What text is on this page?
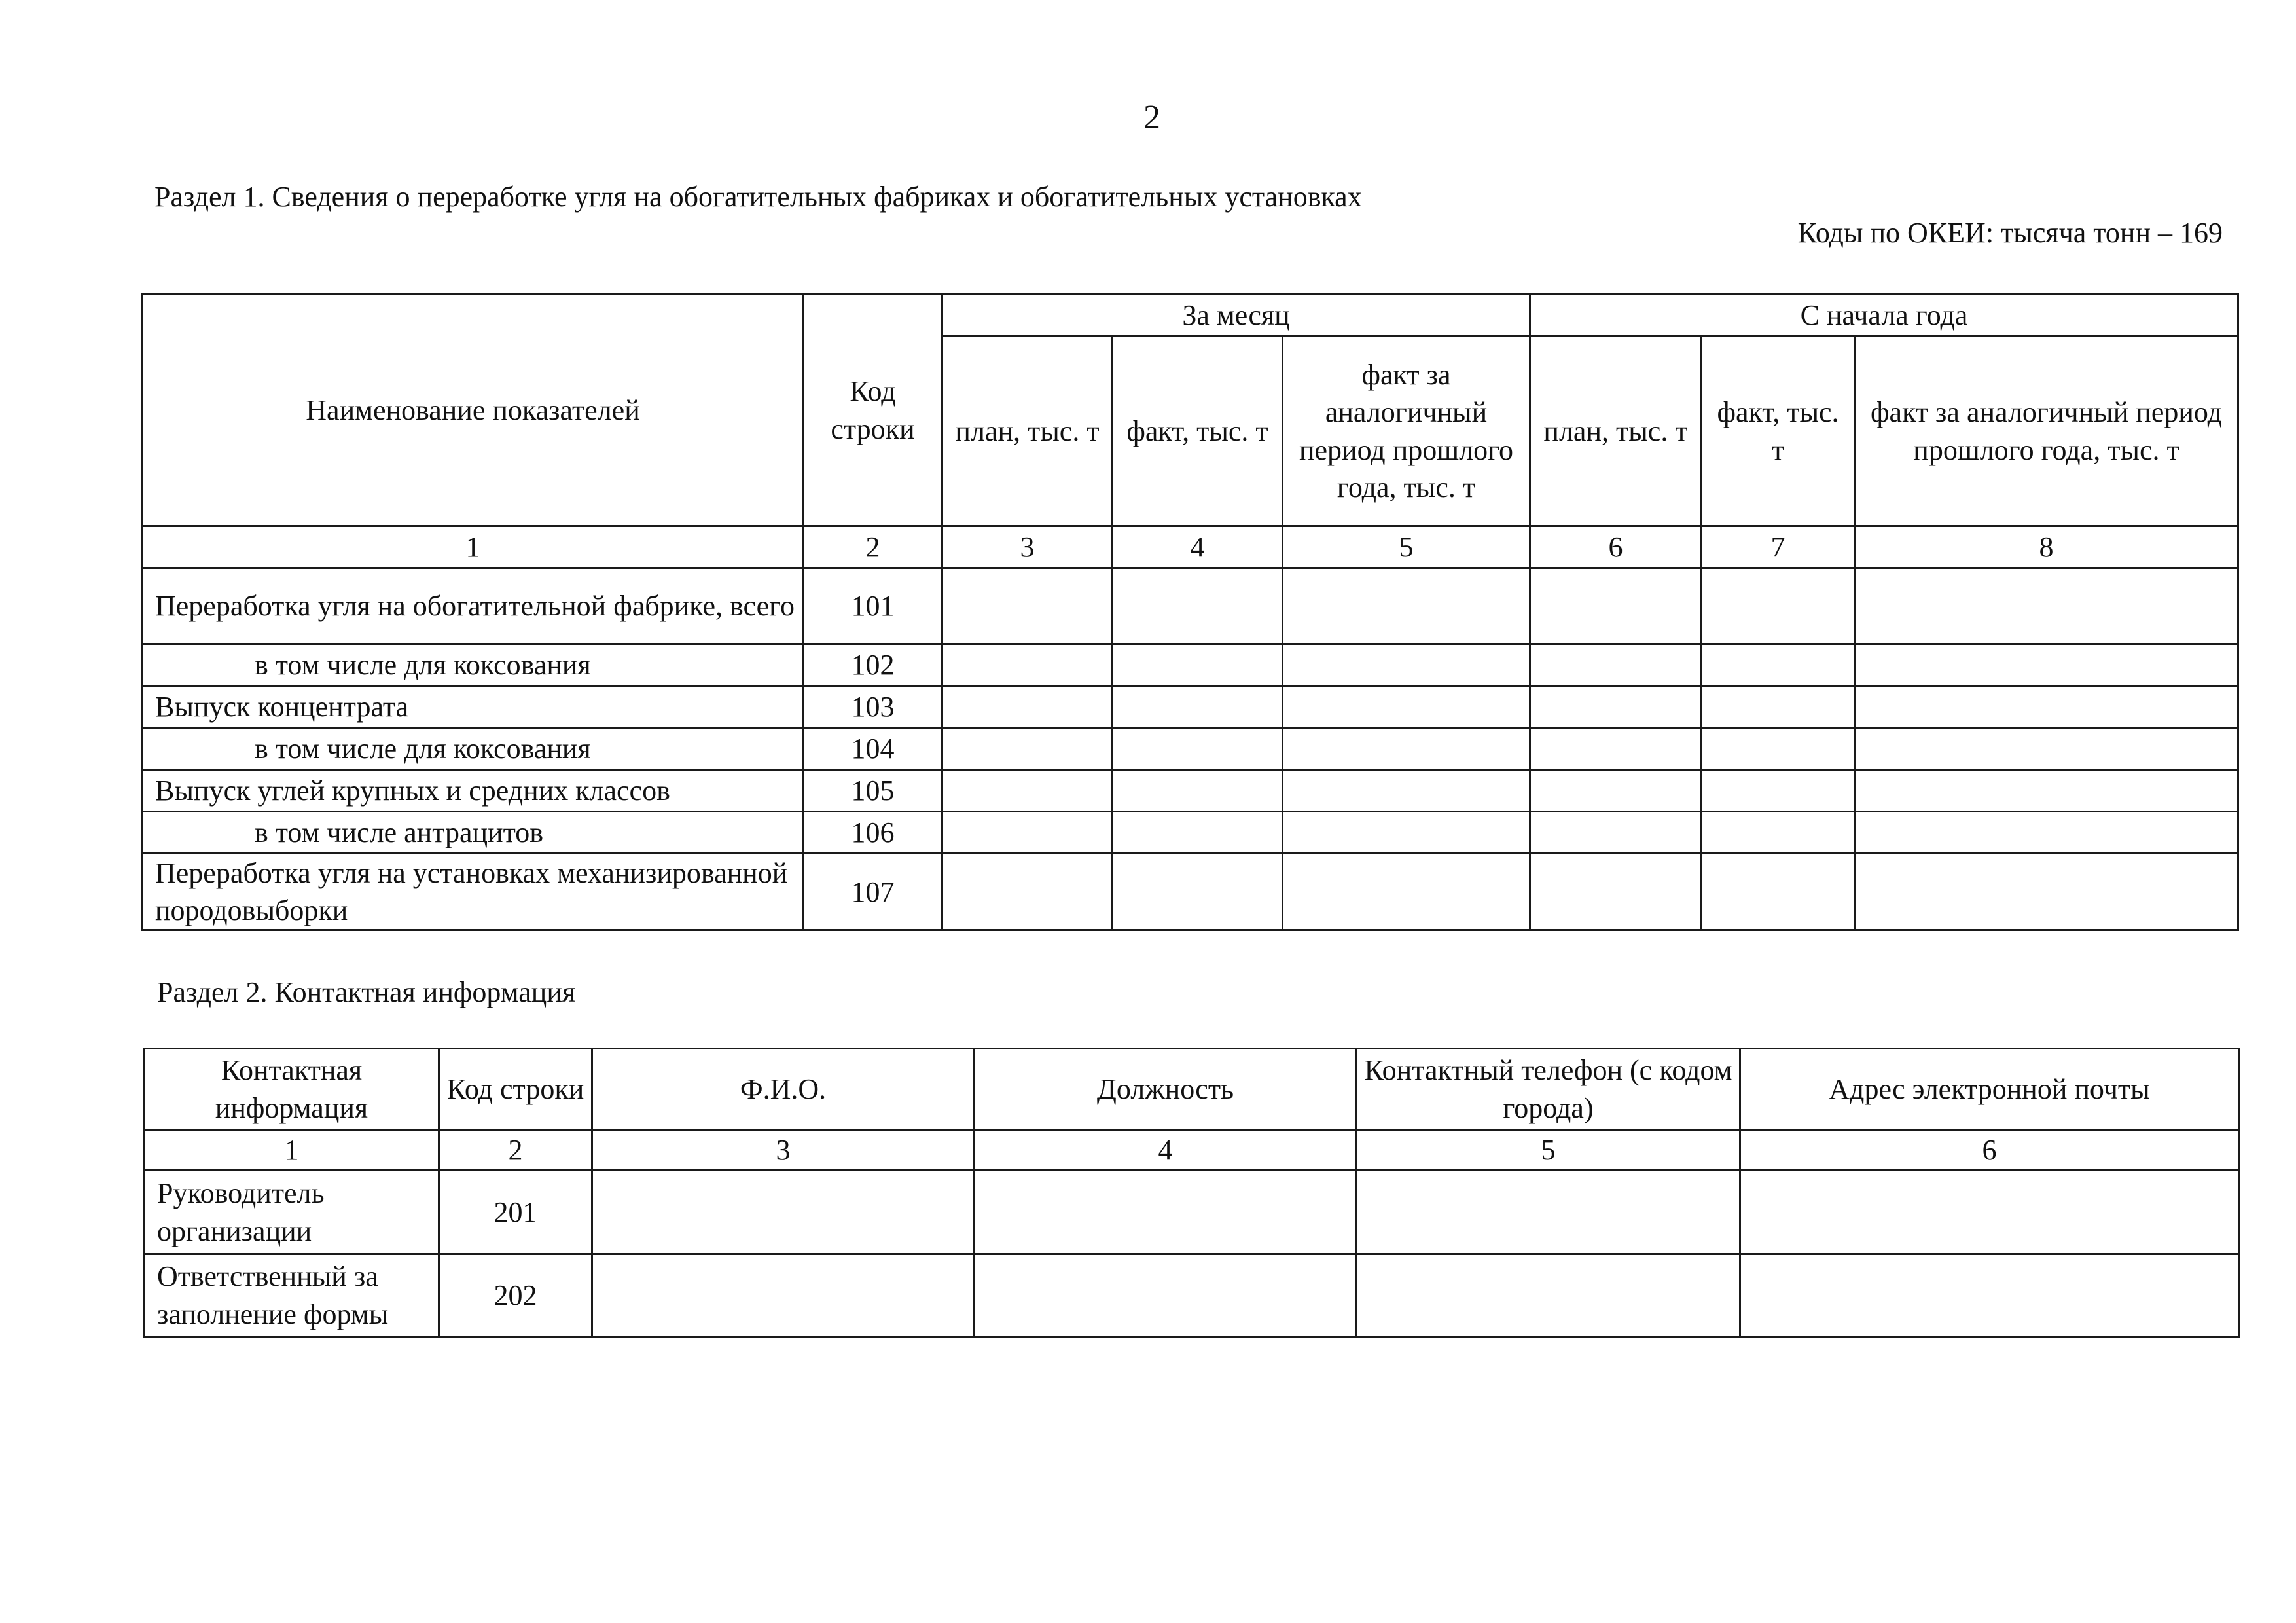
2
Раздел 1. Сведения о переработке угля на обогатительных фабриках и обогатительных установках
Коды по ОКЕИ: тысяча тонн – 169
Наименование показателей	Код строки	За месяц			С начала года		
		план, тыс. т	факт, тыс. т	факт за аналогичный период прошлого года, тыс. т	план, тыс. т	факт, тыс. т	факт за аналогичный период прошлого года, тыс. т
1	2	3	4	5	6	7	8
Переработка угля на обогатительной фабрике, всего	101						
в том числе для коксования	102						
Выпуск концентрата	103						
в том числе для коксования	104						
Выпуск углей крупных и средних классов	105						
в том числе антрацитов	106						
Переработка угля на установках механизированной породовыборки	107						
Раздел 2. Контактная информация
Контактная информация	Код строки	Ф.И.О.	Должность	Контактный телефон (с кодом города)	Адрес электронной почты
1	2	3	4	5	6
Руководитель организации	201				
Ответственный за заполнение формы	202				
